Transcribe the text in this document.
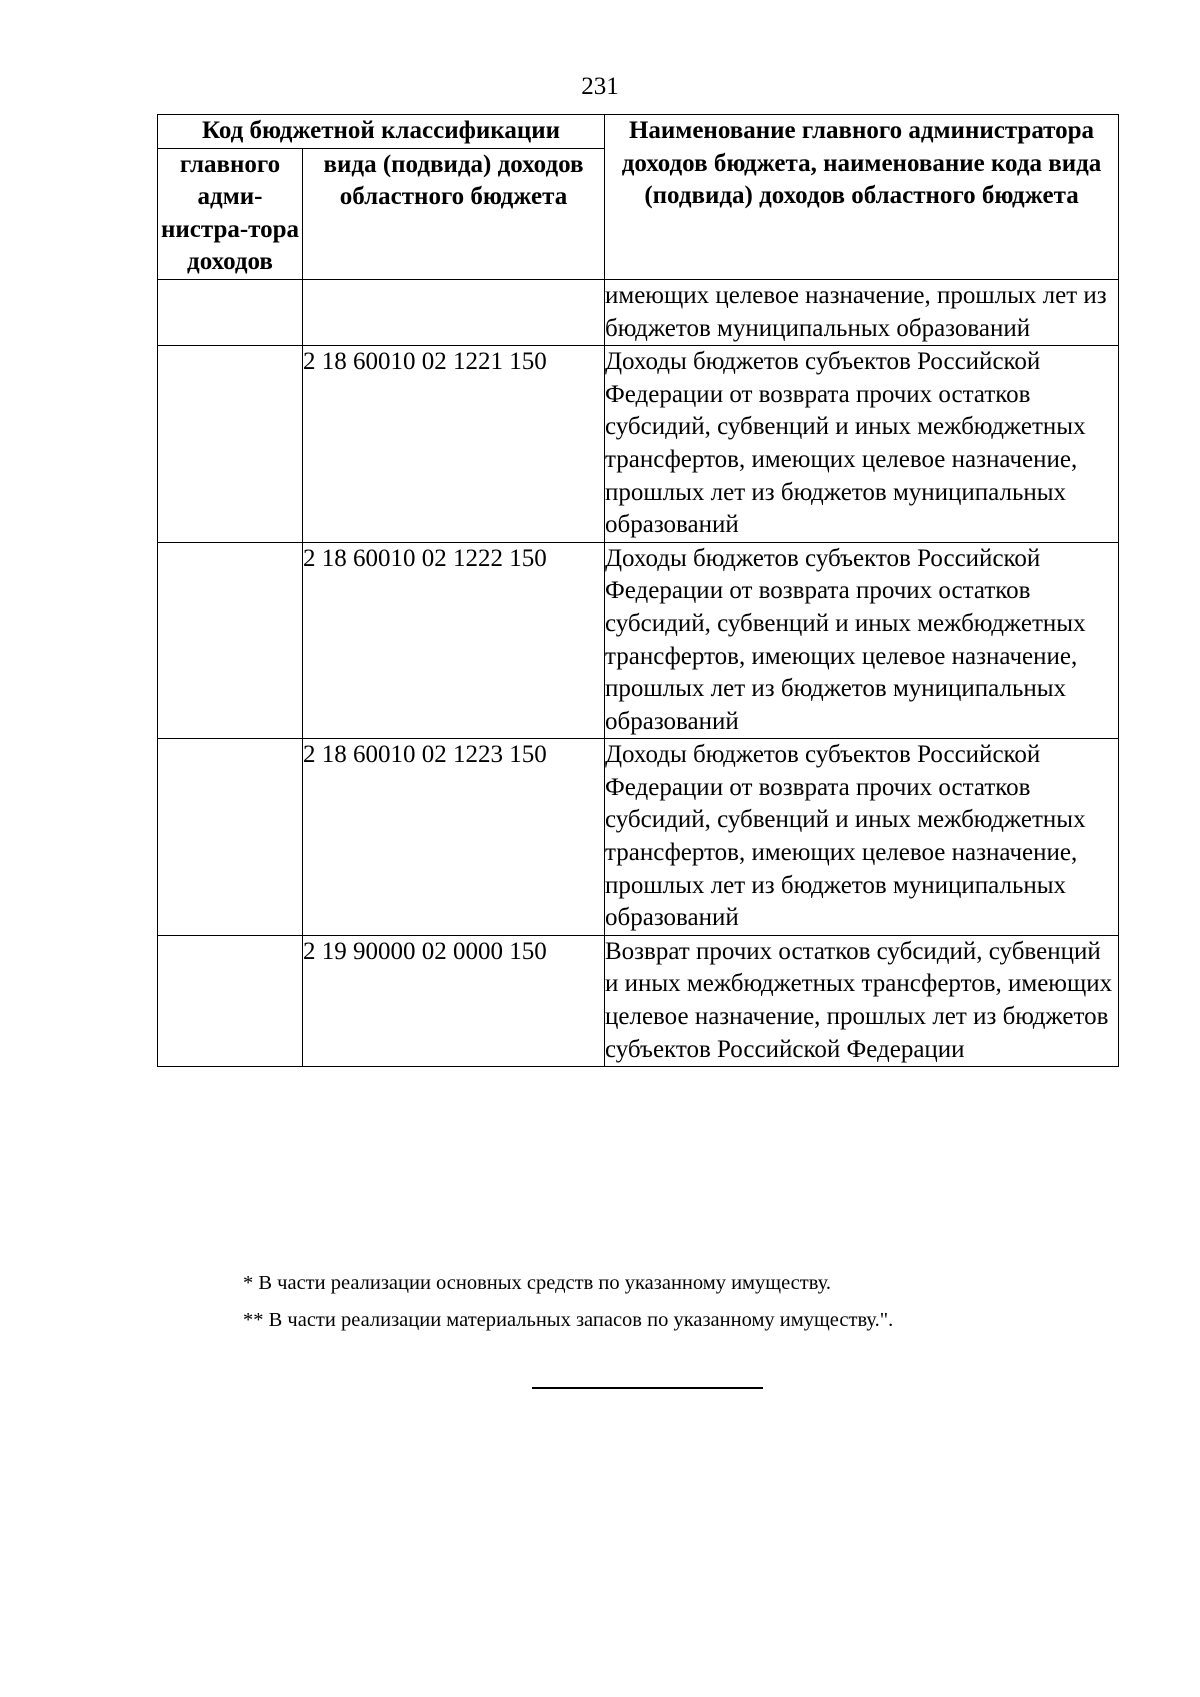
231
Код бюджетной классификации		Наименование главного администратора доходов бюджета, наименование кода вида (подвида) доходов областного бюджета
главного адми-нистра-тора доходов	вида (подвида) доходов областного бюджета	
		имеющих целевое назначение, прошлых лет из бюджетов муниципальных образований
	2 18 60010 02 1221 150	Доходы бюджетов субъектов Российской Федерации от возврата прочих остатков субсидий, субвенций и иных межбюджетных трансфертов, имеющих целевое назначение, прошлых лет из бюджетов муниципальных образований
	2 18 60010 02 1222 150	Доходы бюджетов субъектов Российской Федерации от возврата прочих остатков субсидий, субвенций и иных межбюджетных трансфертов, имеющих целевое назначение, прошлых лет из бюджетов муниципальных образований
	2 18 60010 02 1223 150	Доходы бюджетов субъектов Российской Федерации от возврата прочих остатков субсидий, субвенций и иных межбюджетных трансфертов, имеющих целевое назначение, прошлых лет из бюджетов муниципальных образований
	2 19 90000 02 0000 150	Возврат прочих остатков субсидий, субвенций и иных межбюджетных трансфертов, имеющих целевое назначение, прошлых лет из бюджетов субъектов Российской Федерации
* В части реализации основных средств по указанному имуществу.
** В части реализации материальных запасов по указанному имуществу.".
